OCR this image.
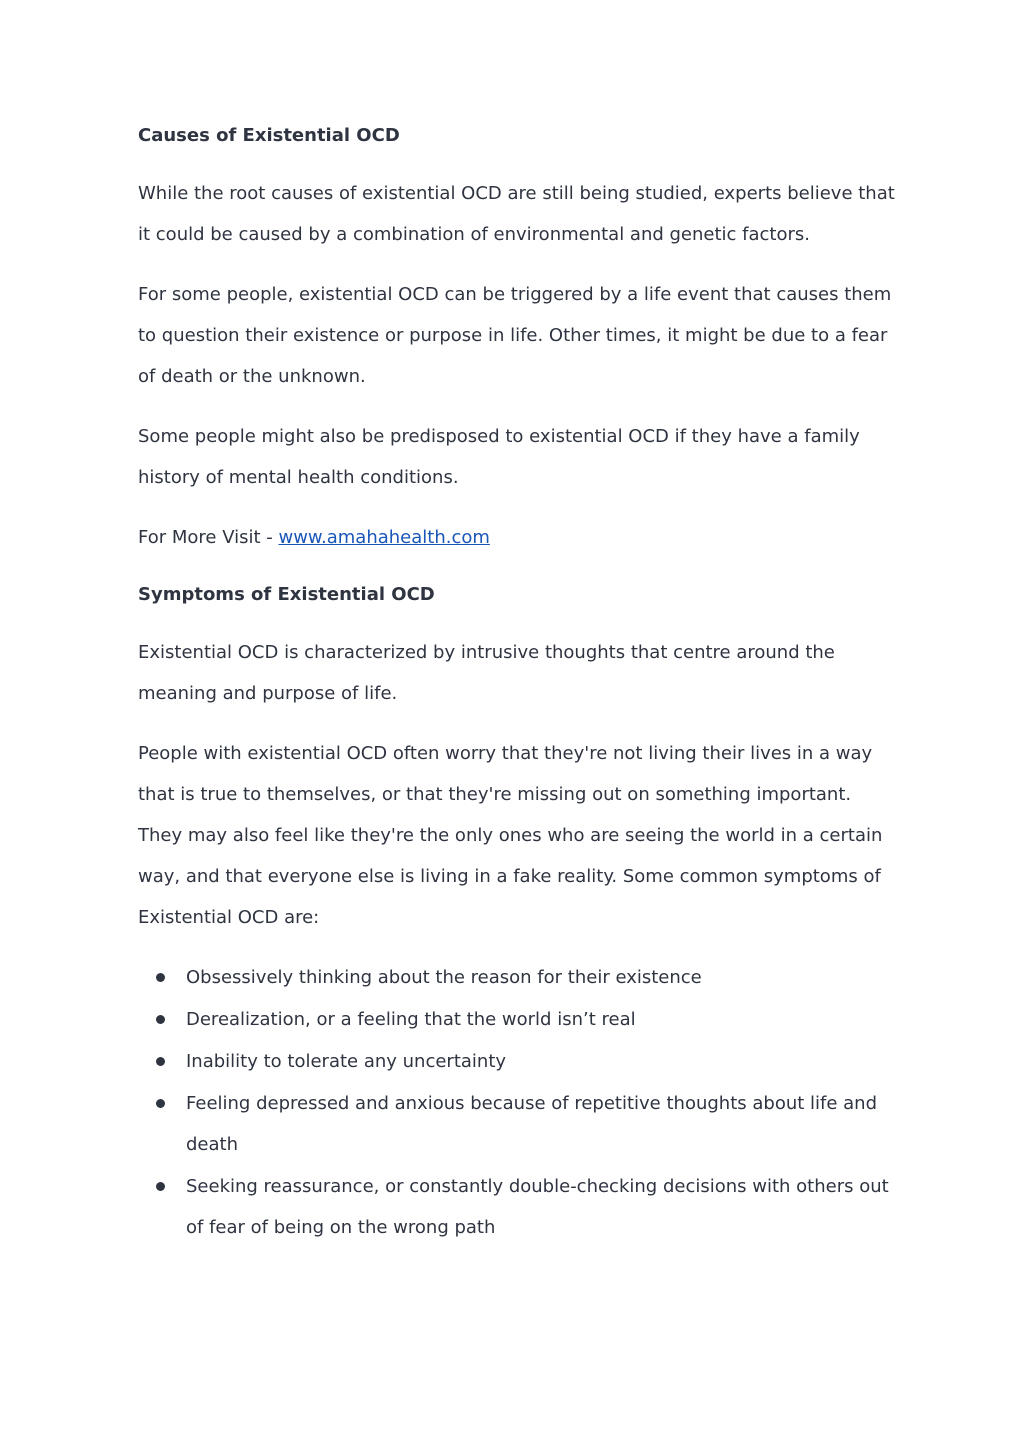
Causes of Existential OCD

While the root causes of existential OCD are still being studied, experts believe that it could be caused by a combination of environmental and genetic factors.

For some people, existential OCD can be triggered by a life event that causes them to question their existence or purpose in life. Other times, it might be due to a fear of death or the unknown.

Some people might also be predisposed to existential OCD if they have a family history of mental health conditions.

For More Visit - www.amahahealth.com

Symptoms of Existential OCD

Existential OCD is characterized by intrusive thoughts that centre around the meaning and purpose of life.

People with existential OCD often worry that they're not living their lives in a way that is true to themselves, or that they're missing out on something important. They may also feel like they're the only ones who are seeing the world in a certain way, and that everyone else is living in a fake reality. Some common symptoms of Existential OCD are:

Obsessively thinking about the reason for their existence
Derealization, or a feeling that the world isn’t real
Inability to tolerate any uncertainty
Feeling depressed and anxious because of repetitive thoughts about life and death
Seeking reassurance, or constantly double-checking decisions with others out of fear of being on the wrong path
